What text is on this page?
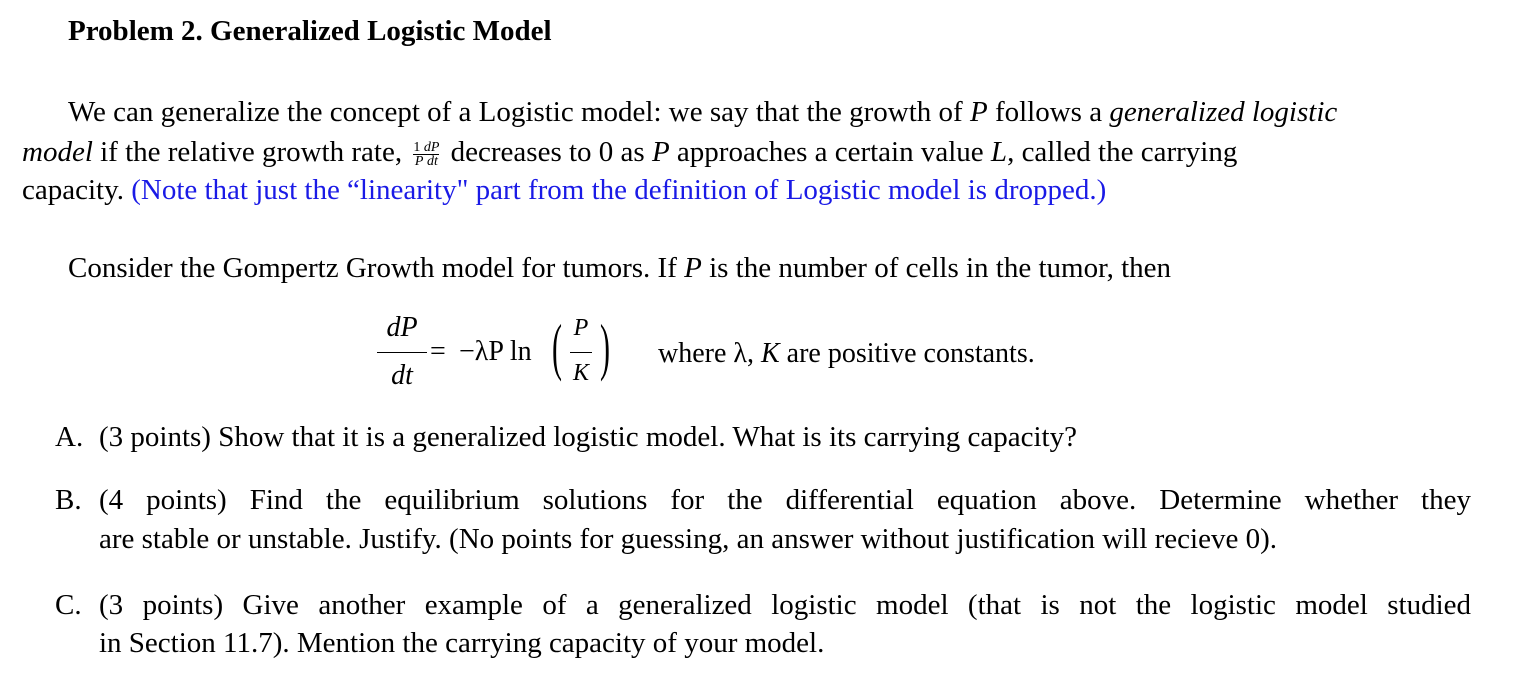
Problem 2. Generalized Logistic Model
We can generalize the concept of a Logistic model: we say that the growth of P follows a generalized logistic
model if the relative growth rate, 1 dP
P dt decreases to 0 as P approaches a certain value L, called the carrying
capacity. (Note that just the “linearity" part from the definition of Logistic model is dropped.)
Consider the Gompertz Growth model for tumors. If P is the number of cells in the tumor, then
dP
dt
= −λP ln ( P
K ) where λ, K are positive constants.
A. (3 points) Show that it is a generalized logistic model. What is its carrying capacity?
B. (4 points) Find the equilibrium solutions for the differential equation above. Determine whether they
are stable or unstable. Justify. (No points for guessing, an answer without justification will recieve 0).
C. (3 points) Give another example of a generalized logistic model (that is not the logistic model studied
in Section 11.7). Mention the carrying capacity of your model.
